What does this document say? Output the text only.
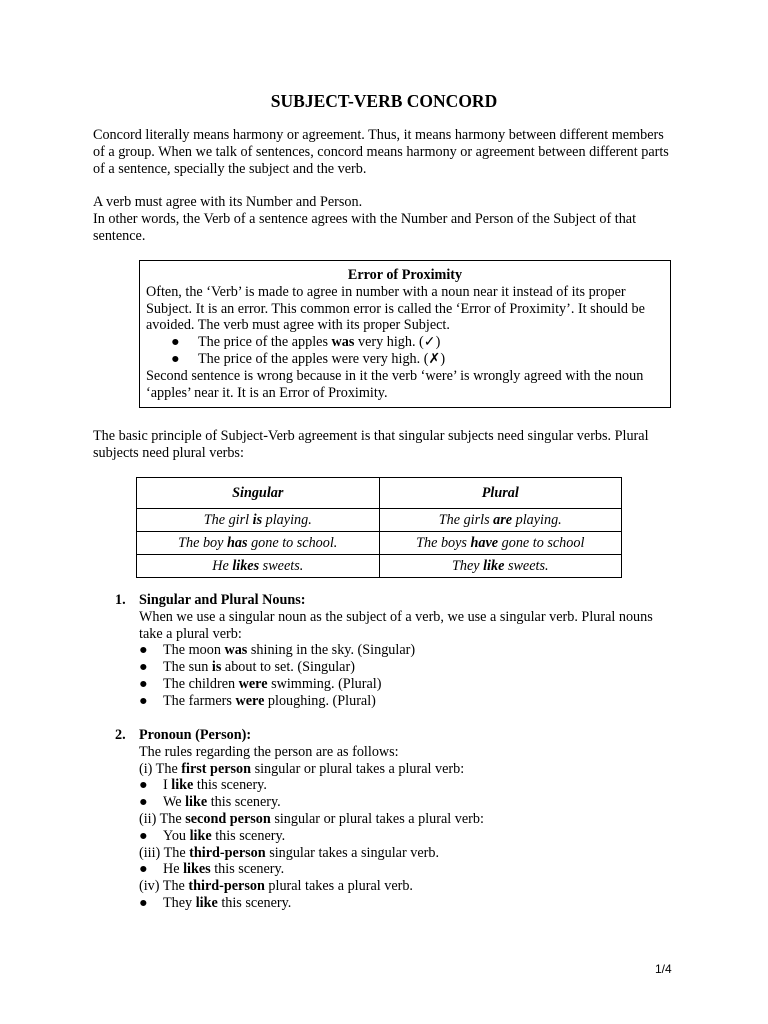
SUBJECT-VERB CONCORD

Concord literally means harmony or agreement. Thus, it means harmony between different members of a group. When we talk of sentences, concord means harmony or agreement between different parts of a sentence, specially the subject and the verb.

A verb must agree with its Number and Person.

In other words, the Verb of a sentence agrees with the Number and Person of the Subject of that sentence.

Error of Proximity

Often, the ‘Verb’ is made to agree in number with a noun near it instead of its proper Subject. It is an error. This common error is called the ‘Error of Proximity’. It should be avoided. The verb must agree with its proper Subject.

●	The price of the apples was very high. (✓)
●	The price of the apples were very high. (✗)

Second sentence is wrong because in it the verb ‘were’ is wrongly agreed with the noun ‘apples’ near it. It is an Error of Proximity.

The basic principle of Subject-Verb agreement is that singular subjects need singular verbs. Plural subjects need plural verbs:

Singular	Plural
The girl is playing.	The girls are playing.
The boy has gone to school.	The boys have gone to school
He likes sweets.	They like sweets.
1. Singular and Plural Nouns:
When we use a singular noun as the subject of a verb, we use a singular verb. Plural nouns take a plural verb:
●	The moon was shining in the sky. (Singular)
●	The sun is about to set. (Singular)
●	The children were swimming. (Plural)
●	The farmers were ploughing. (Plural)
2. Pronoun (Person):
The rules regarding the person are as follows:
(i) The first person singular or plural takes a plural verb:
●	I like this scenery.
●	We like this scenery.
(ii) The second person singular or plural takes a plural verb:
●	You like this scenery.
(iii) The third-person singular takes a singular verb.
●	He likes this scenery.
(iv) The third-person plural takes a plural verb.
●	They like this scenery.
1/4
